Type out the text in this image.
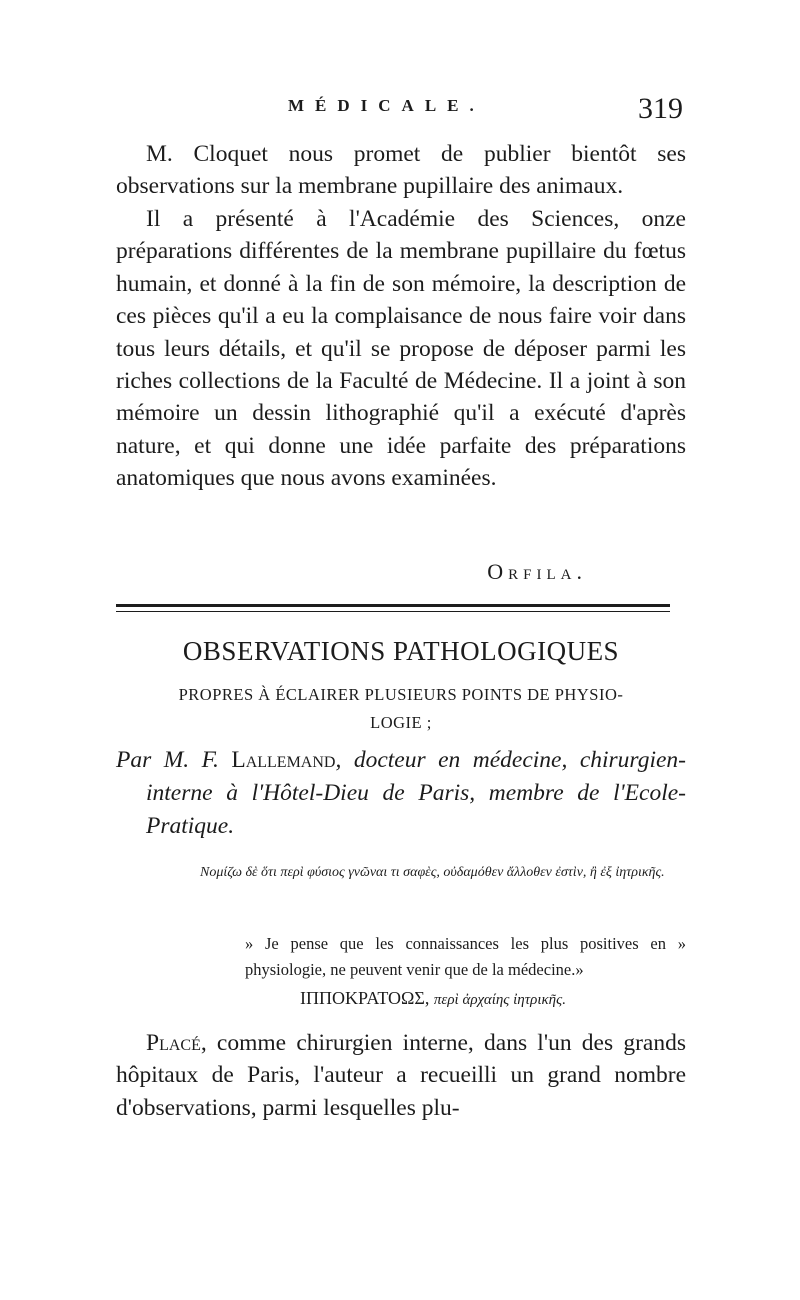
MÉDICALE.	319

M. Cloquet nous promet de publier bientôt ses observations sur la membrane pupillaire des animaux.

Il a présenté à l'Académie des Sciences, onze préparations différentes de la membrane pupillaire du fœtus humain, et donné à la fin de son mémoire, la description de ces pièces qu'il a eu la complaisance de nous faire voir dans tous leurs détails, et qu'il se propose de déposer parmi les riches collections de la Faculté de Médecine. Il a joint à son mémoire un dessin lithographié qu'il a exécuté d'après nature, et qui donne une idée parfaite des préparations anatomiques que nous avons examinées.

Orfila.
OBSERVATIONS PATHOLOGIQUES
PROPRES À ÉCLAIRER PLUSIEURS POINTS DE PHYSIO-
LOGIE ;
Par M. F. Lallemand, docteur en médecine, chirurgien-interne à l'Hôtel-Dieu de Paris, membre de l'Ecole-Pratique.
Νομίζω δὲ ὅτι περὶ φύσιος γνῶναι τι σαφὲς, οὐδαμόθεν ἄλλοθεν ἐστὶν, ἢ ἐξ ἰητρικῆς.
» Je pense que les connaissances les plus positives en » physiologie, ne peuvent venir que de la médecine.»
ΙΠΠΟΚΡΑΤΟΩΣ, περὶ ἀρχαίης ἰητρικῆς.

Placé, comme chirurgien interne, dans l'un des grands hôpitaux de Paris, l'auteur a recueilli un grand nombre d'observations, parmi lesquelles plu-
